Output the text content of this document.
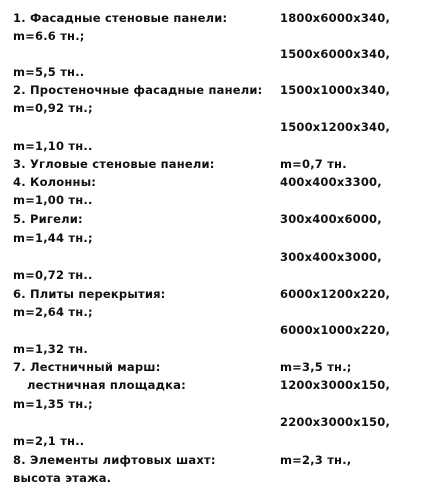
1. Фасадные стеновые панели:	1800x6000x340,
m=6.6 тн.;
1500x6000x340,
m=5,5 тн..
2. Простеночные фасадные панели: 1500x1000x340,
m=0,92 тн.;
1500x1200x340,
m=1,10 тн..
3. Угловые стеновые панели:	m=0,7 тн.
4. Колонны:	400x400x3300,
m=1,00 тн..
5. Ригели:	300x400x6000,
m=1,44 тн.;
300x400x3000,
m=0,72 тн..
6. Плиты перекрытия:	6000x1200x220,
m=2,64 тн.;
6000x1000x220,
m=1,32 тн.
7. Лестничный марш:	m=3,5 тн.;
лестничная площадка:	1200x3000x150,
m=1,35 тн.;
2200x3000x150,
m=2,1 тн..
8. Элементы лифтовых шахт:	m=2,3 тн.,
высота этажа.
